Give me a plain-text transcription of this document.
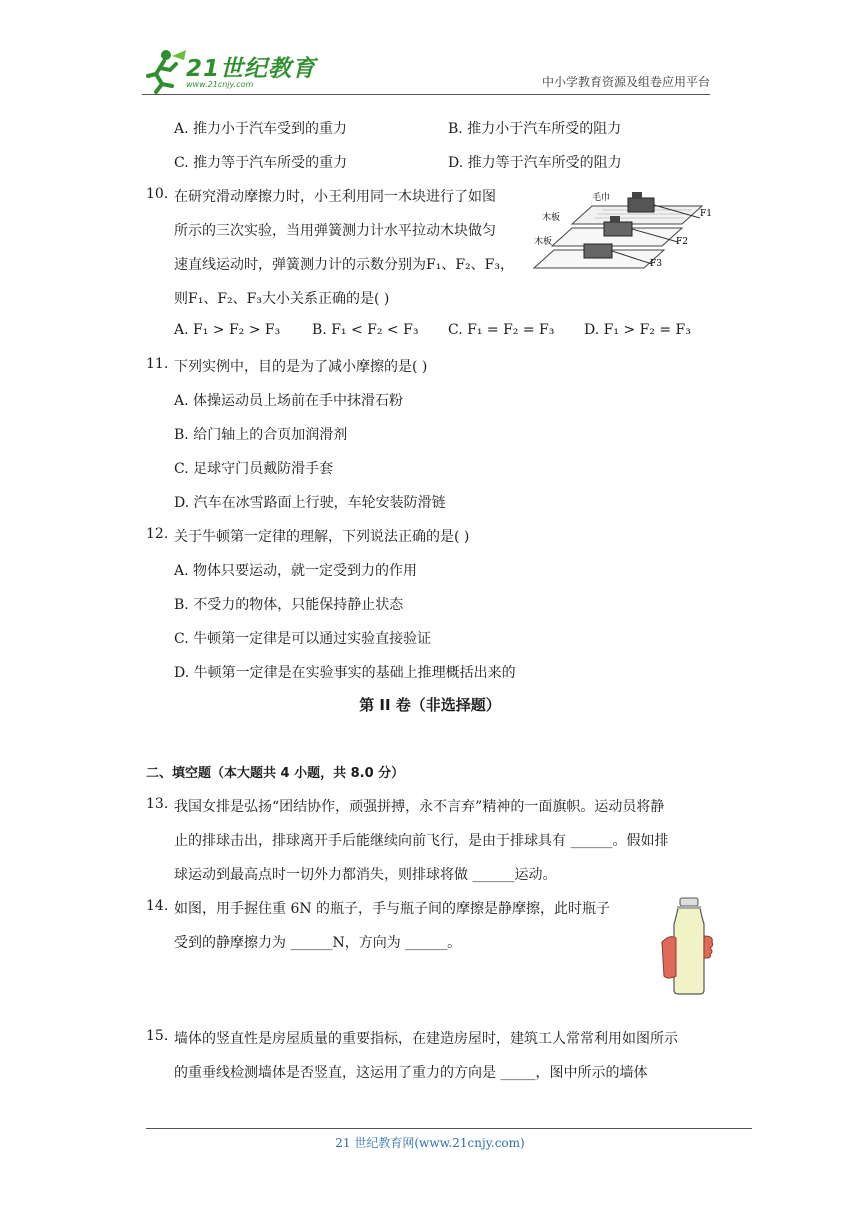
21世纪教育
www.21cnjy.com	中小学教育资源及组卷应用平台
A. 推力小于汽车受到的重力	B. 推力小于汽车所受的阻力
C. 推力等于汽车所受的重力	D. 推力等于汽车所受的阻力
10. 在研究滑动摩擦力时，小王利用同一木块进行了如图
所示的三次实验，当用弹簧测力计水平拉动木块做匀
速直线运动时，弹簧测力计的示数分别为F₁、F₂、F₃，
则F₁、F₂、F₃大小关系正确的是( )
毛巾
木板
木板
F1
F2
F3
A. F₁ > F₂ > F₃ B. F₁ < F₂ < F₃ C. F₁ = F₂ = F₃ D. F₁ > F₂ = F₃
11. 下列实例中，目的是为了减小摩擦的是( )
A. 体操运动员上场前在手中抹滑石粉
B. 给门轴上的合页加润滑剂
C. 足球守门员戴防滑手套
D. 汽车在冰雪路面上行驶，车轮安装防滑链
12. 关于牛顿第一定律的理解，下列说法正确的是( )
A. 物体只要运动，就一定受到力的作用
B. 不受力的物体，只能保持静止状态
C. 牛顿第一定律是可以通过实验直接验证
D. 牛顿第一定律是在实验事实的基础上推理概括出来的
第 II 卷（非选择题）
二、填空题（本大题共 4 小题，共 8.0 分）
13. 我国女排是弘扬“团结协作，顽强拼搏，永不言弃”精神的一面旗帜。运动员将静
止的排球击出，排球离开手后能继续向前飞行，是由于排球具有 ______。假如排
球运动到最高点时一切外力都消失，则排球将做 ______运动。
14. 如图，用手握住重 6N 的瓶子，手与瓶子间的摩擦是静摩擦，此时瓶子
受到的静摩擦力为 ______N，方向为 ______。
15. 墙体的竖直性是房屋质量的重要指标，在建造房屋时，建筑工人常常利用如图所示
的重垂线检测墙体是否竖直，这运用了重力的方向是 _____，图中所示的墙体
21 世纪教育网(www.21cnjy.com)
